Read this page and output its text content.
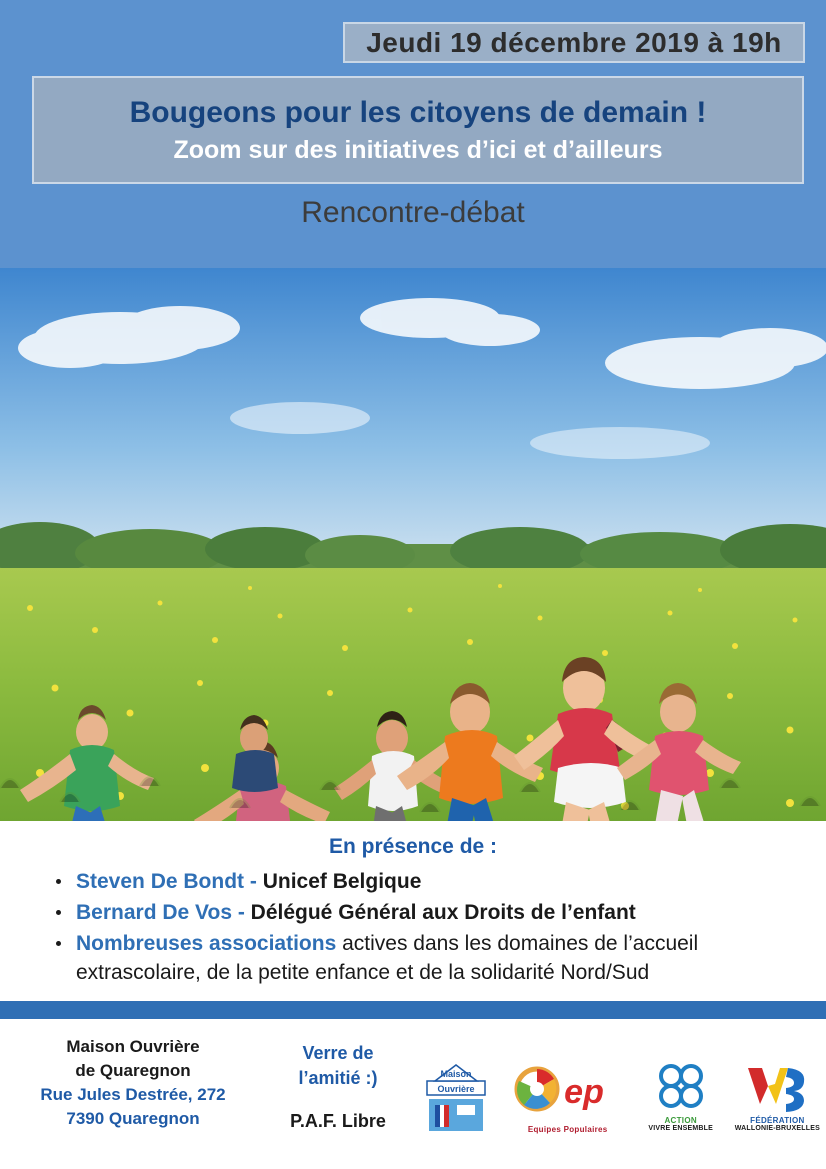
Jeudi 19 décembre 2019 à 19h
Bougeons pour les citoyens de demain !
Zoom sur des initiatives d’ici et d’ailleurs
Rencontre-débat
En présence de :
Steven De Bondt - Unicef Belgique
Bernard De Vos - Délégué Général aux Droits de l’enfant
Nombreuses associations actives dans les domaines de l’accueil extrascolaire, de la petite enfance et de la solidarité Nord/Sud
Maison Ouvrière
de Quaregnon
Rue Jules Destrée, 272
7390 Quaregnon
Verre de
l’amitié :)
P.A.F. Libre
Maison
Ouvrière	ep
Equipes Populaires
ACTION
VIVRE ENSEMBLE
FÉDÉRATION
WALLONIE-BRUXELLES
